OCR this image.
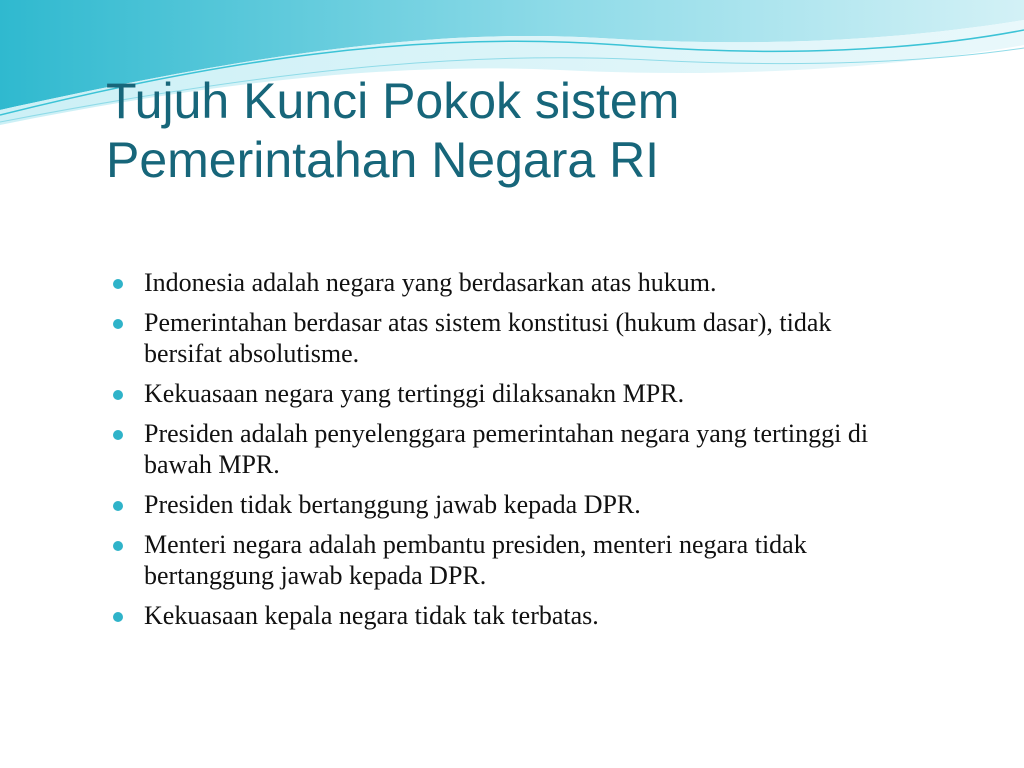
Tujuh Kunci Pokok sistem
Pemerintahan Negara RI
Indonesia adalah negara yang berdasarkan atas hukum.
Pemerintahan berdasar atas sistem konstitusi (hukum dasar), tidak bersifat absolutisme.
Kekuasaan negara yang tertinggi dilaksanakn MPR.
Presiden adalah penyelenggara pemerintahan negara yang tertinggi di bawah MPR.
Presiden tidak bertanggung jawab kepada DPR.
Menteri negara adalah pembantu presiden, menteri negara tidak bertanggung jawab kepada DPR.
Kekuasaan kepala negara tidak tak terbatas.
